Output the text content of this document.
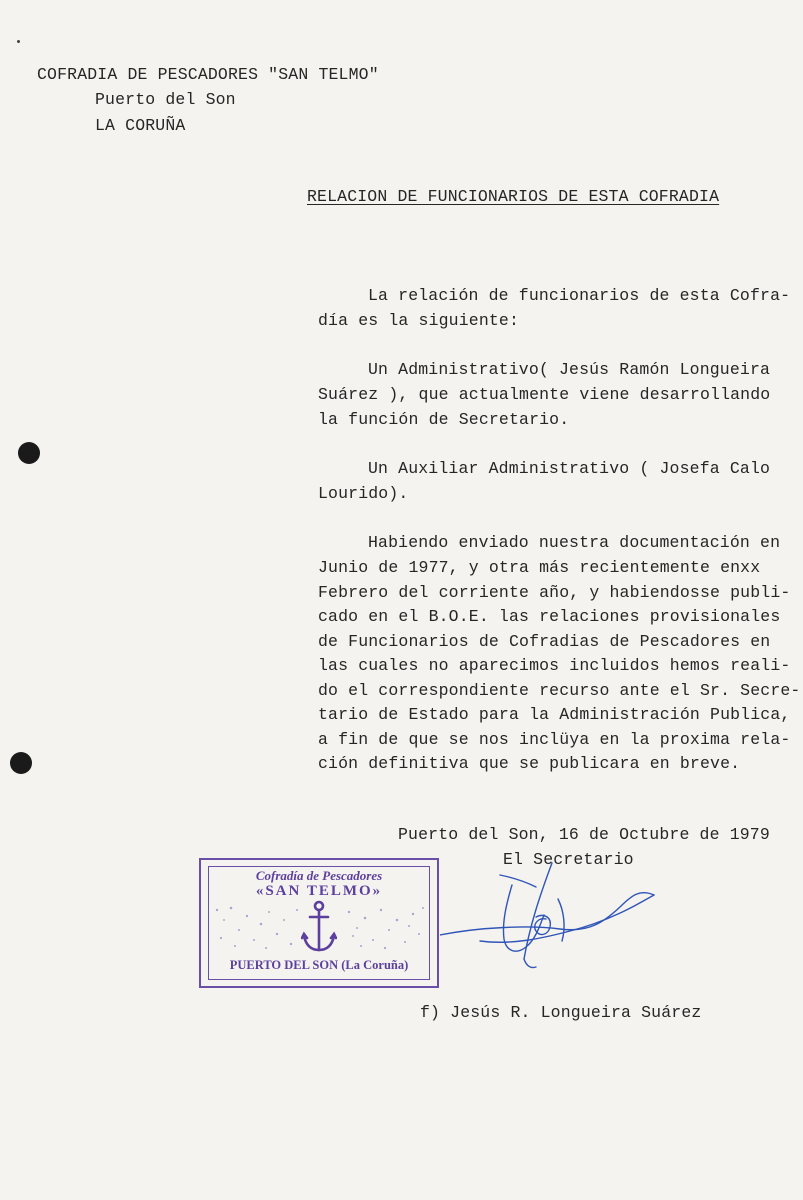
COFRADIA DE PESCADORES "SAN TELMO"
Puerto del Son
LA CORUÑA
RELACION DE FUNCIONARIOS DE ESTA COFRADIA
La relación de funcionarios de esta Cofra-
día es la siguiente:
Un Administrativo( Jesús Ramón Longueira
Suárez ), que actualmente viene desarrollando
la función de Secretario.
Un Auxiliar Administrativo ( Josefa Calo
Lourido).
Habiendo enviado nuestra documentación en
Junio de 1977, y otra más recientemente enxx
Febrero del corriente año, y habiendosse publi-
cado en el B.O.E. las relaciones provisionales
de Funcionarios de Cofradias de Pescadores en
las cuales no aparecimos incluidos hemos reali-
do el correspondiente recurso ante el Sr. Secre-
tario de Estado para la Administración Publica,
a fin de que se nos inclüya en la proxima rela-
ción definitiva que se publicara en breve.
Puerto del Son, 16 de Octubre de 1979
El Secretario
Cofradía de Pescadores
«SAN TELMO»
PUERTO DEL SON (La Coruña)
f) Jesús R. Longueira Suárez
